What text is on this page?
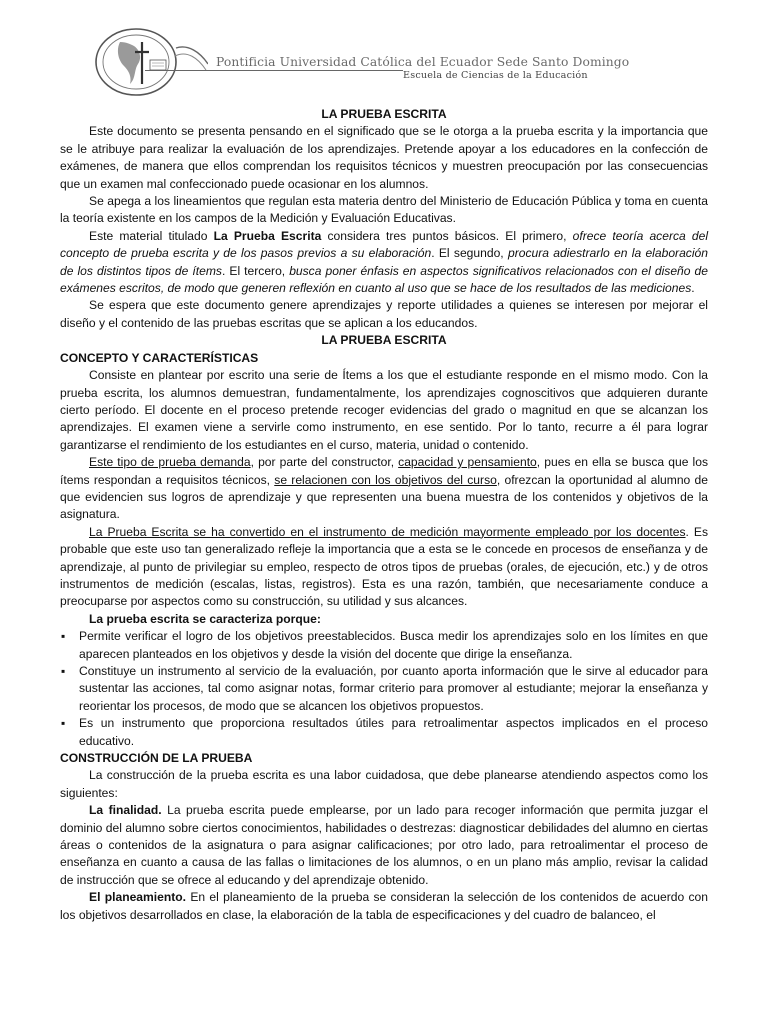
Pontificia Universidad Católica del Ecuador Sede Santo Domingo
Escuela de Ciencias de la Educación

LA PRUEBA ESCRITA

Este documento se presenta pensando en el significado que se le otorga a la prueba escrita y la importancia que se le atribuye para realizar la evaluación de los aprendizajes. Pretende apoyar a los educadores en la confección de exámenes, de manera que ellos comprendan los requisitos técnicos y muestren preocupación por las consecuencias que un examen mal confeccionado puede ocasionar en los alumnos.

Se apega a los lineamientos que regulan esta materia dentro del Ministerio de Educación Pública y toma en cuenta la teoría existente en los campos de la Medición y Evaluación Educativas.

Este material titulado La Prueba Escrita considera tres puntos básicos. El primero, ofrece teoría acerca del concepto de prueba escrita y de los pasos previos a su elaboración. El segundo, procura adiestrarlo en la elaboración de los distintos tipos de ítems. El tercero, busca poner énfasis en aspectos significativos relacionados con el diseño de exámenes escritos, de modo que generen reflexión en cuanto al uso que se hace de los resultados de las mediciones.

Se espera que este documento genere aprendizajes y reporte utilidades a quienes se interesen por mejorar el diseño y el contenido de las pruebas escritas que se aplican a los educandos.

LA PRUEBA ESCRITA

CONCEPTO Y CARACTERÍSTICAS

Consiste en plantear por escrito una serie de Ítems a los que el estudiante responde en el mismo modo. Con la prueba escrita, los alumnos demuestran, fundamentalmente, los aprendizajes cognoscitivos que adquieren durante cierto período. El docente en el proceso pretende recoger evidencias del grado o magnitud en que se alcanzan los aprendizajes. El examen viene a servirle como instrumento, en ese sentido. Por lo tanto, recurre a él para lograr garantizarse el rendimiento de los estudiantes en el curso, materia, unidad o contenido.

Este tipo de prueba demanda, por parte del constructor, capacidad y pensamiento, pues en ella se busca que los ítems respondan a requisitos técnicos, se relacionen con los objetivos del curso, ofrezcan la oportunidad al alumno de que evidencien sus logros de aprendizaje y que representen una buena muestra de los contenidos y objetivos de la asignatura.

La Prueba Escrita se ha convertido en el instrumento de medición mayormente empleado por los docentes. Es probable que este uso tan generalizado refleje la importancia que a esta se le concede en procesos de enseñanza y de aprendizaje, al punto de privilegiar su empleo, respecto de otros tipos de pruebas (orales, de ejecución, etc.) y de otros instrumentos de medición (escalas, listas, registros). Esta es una razón, también, que necesariamente conduce a preocuparse por aspectos como su construcción, su utilidad y sus alcances.

La prueba escrita se caracteriza porque:

▪ Permite verificar el logro de los objetivos preestablecidos. Busca medir los aprendizajes solo en los límites en que aparecen planteados en los objetivos y desde la visión del docente que dirige la enseñanza.
▪ Constituye un instrumento al servicio de la evaluación, por cuanto aporta información que le sirve al educador para sustentar las acciones, tal como asignar notas, formar criterio para promover al estudiante; mejorar la enseñanza y reorientar los procesos, de modo que se alcancen los objetivos propuestos.
▪ Es un instrumento que proporciona resultados útiles para retroalimentar aspectos implicados en el proceso educativo.

CONSTRUCCIÓN DE LA PRUEBA

La construcción de la prueba escrita es una labor cuidadosa, que debe planearse atendiendo aspectos como los siguientes:

La finalidad. La prueba escrita puede emplearse, por un lado para recoger información que permita juzgar el dominio del alumno sobre ciertos conocimientos, habilidades o destrezas: diagnosticar debilidades del alumno en ciertas áreas o contenidos de la asignatura o para asignar calificaciones; por otro lado, para retroalimentar el proceso de enseñanza en cuanto a causa de las fallas o limitaciones de los alumnos, o en un plano más amplio, revisar la calidad de instrucción que se ofrece al educando y del aprendizaje obtenido.

El planeamiento. En el planeamiento de la prueba se consideran la selección de los contenidos de acuerdo con los objetivos desarrollados en clase, la elaboración de la tabla de especificaciones y del cuadro de balanceo, el
